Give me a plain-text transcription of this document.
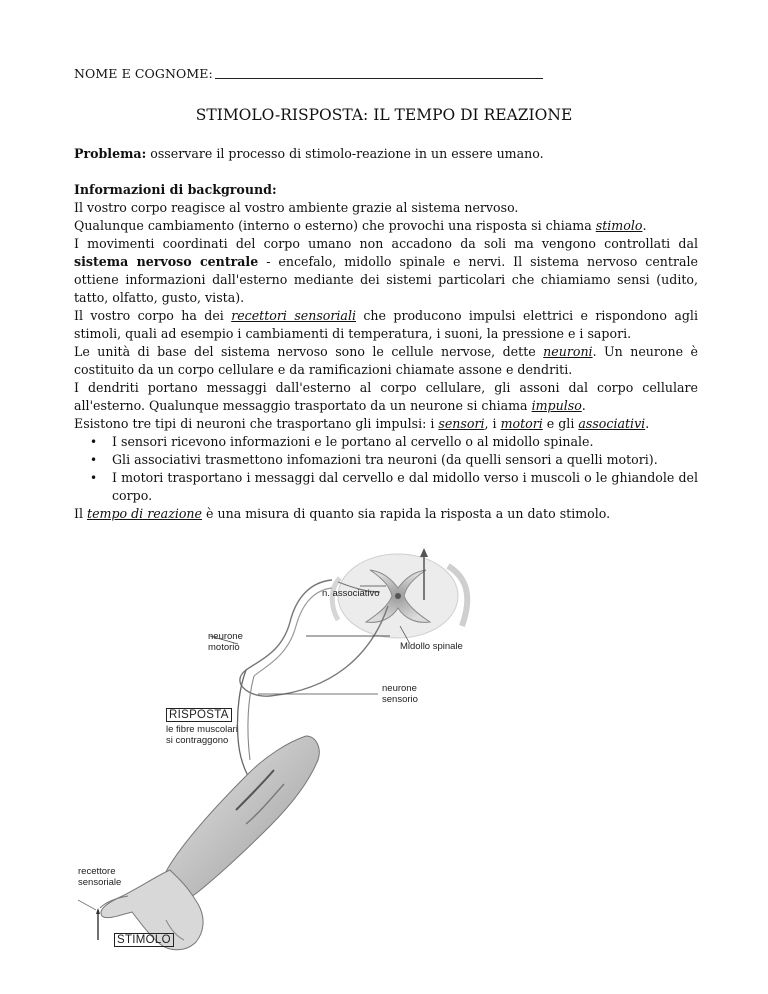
NOME E COGNOME:
STIMOLO-RISPOSTA: IL TEMPO DI REAZIONE
Problema: osservare il processo di stimolo-reazione in un essere umano.

Informazioni di background:

Il vostro corpo reagisce al vostro ambiente grazie al sistema nervoso.

Qualunque cambiamento (interno o esterno) che provochi una risposta si chiama stimolo.

I movimenti coordinati del corpo umano non accadono da soli ma vengono controllati dal sistema nervoso centrale - encefalo, midollo spinale e nervi. Il sistema nervoso centrale ottiene informazioni dall'esterno mediante dei sistemi particolari che chiamiamo sensi (udito, tatto, olfatto, gusto, vista).

Il vostro corpo ha dei recettori sensoriali che producono impulsi elettrici e rispondono agli stimoli, quali ad esempio i cambiamenti di temperatura, i suoni, la pressione e i sapori.

Le unità di base del sistema nervoso sono le cellule nervose, dette neuroni. Un neurone è costituito da un corpo cellulare e da ramificazioni chiamate assone e dendriti.

I dendriti portano messaggi dall'esterno al corpo cellulare, gli assoni dal corpo cellulare all'esterno. Qualunque messaggio trasportato da un neurone si chiama impulso.

Esistono tre tipi di neuroni che trasportano gli impulsi: i sensori, i motori e gli associativi.

• I sensori ricevono informazioni e le portano al cervello o al midollo spinale.
• Gli associativi trasmettono infomazioni tra neuroni (da quelli sensori a quelli motori).
• I motori trasportano i messaggi dal cervello e dal midollo verso i muscoli o le ghiandole del corpo.

Il tempo di reazione è una misura di quanto sia rapida la risposta a un dato stimolo.

n. associativo
neurone
motorio	Midollo spinale
neurone
sensorio
RISPOSTA
le fibre muscolari
si contraggono
recettore
sensoriale
STIMOLO
